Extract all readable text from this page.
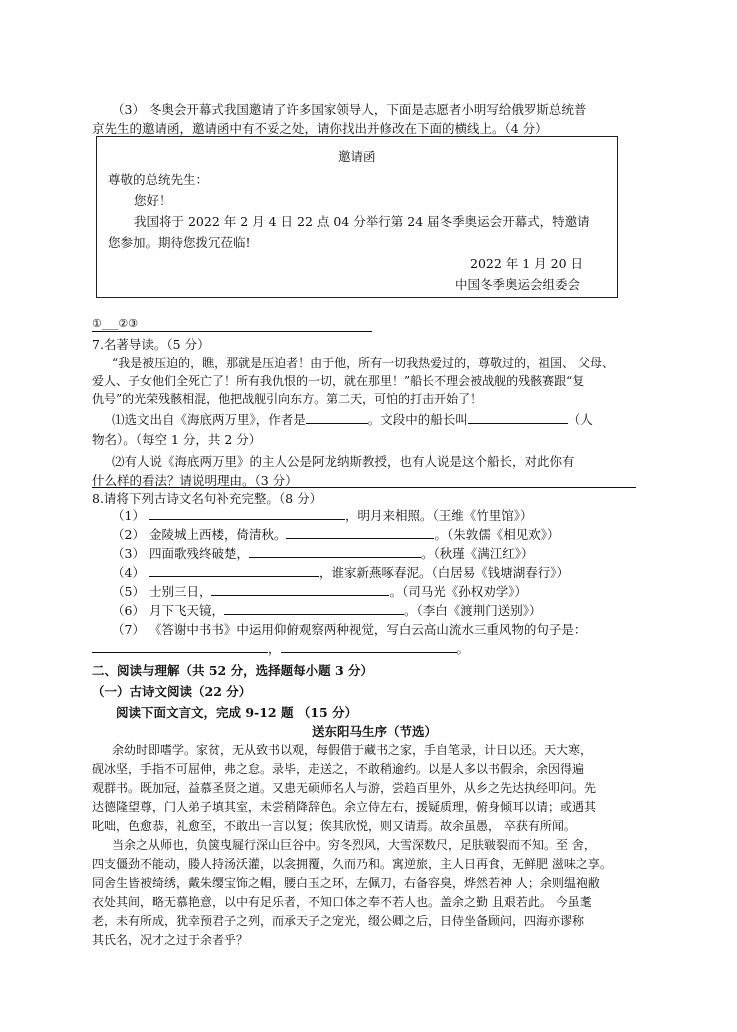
（3） 冬奥会开幕式我国邀请了许多国家领导人，下面是志愿者小明写给俄罗斯总统普
京先生的邀请函，邀请函中有不妥之处，请你找出并修改在下面的横线上。（4 分）
邀请函
尊敬的总统先生：
您好！
我国将于 2022 年 2 月 4 日 22 点 04 分举行第 24 届冬季奥运会开幕式，特邀请
您参加。期待您拨冗莅临!
2022 年 1 月 20 日
中国冬季奥运会组委会
①___②③
7.名著导读。（5 分）
“我是被压迫的，瞧，那就是压迫者！由于他，所有一切我热爱过的，尊敬过的，祖国、 父母、
爱人、子女他们全死亡了！所有我仇恨的一切，就在那里！”船长不理会被战舰的残骸赛跟“复
仇号”的光荣残骸相混，他把战舰引向东方。第二天，可怕的打击开始了！
⑴选文出自《海底两万里》，作者是	。文段中的船长叫	（人
物名）。（每空 1 分，共 2 分）
⑵有人说《海底两万里》的主人公是阿龙纳斯教授，也有人说是这个船长，对此你有
什么样的看法？请说明理由。（3 分）
8.请将下列古诗文名句补充完整。（8 分）
（1）	，明月来相照。（王维《竹里馆》）
（2） 金陵城上西楼，倚清秋。	。（朱敦儒《相见欢》）
（3） 四面歌残终破楚，	。（秋瑾《满江红》）
（4）	，谁家新燕啄春泥。（白居易《钱塘湖春行》）
（5） 士别三日，	。（司马光《孙权劝学》）
（6） 月下飞天镜，	。（李白《渡荆门送别》）
（7） 《答谢中书书》中运用仰俯观察两种视觉，写白云高山流水三重风物的句子是：
，	。
二、阅读与理解（共 52 分，选择题每小题 3 分）
（一）古诗文阅读（22 分）
阅读下面文言文，完成 9-12 题 （15 分）
送东阳马生序（节选）
余幼时即嗜学。家贫，无从致书以观，每假借于藏书之家，手自笔录，计日以还。天大寒，
砚冰坚，手指不可屈伸，弗之怠。录毕，走送之，不敢稍逾约。以是人多以书假余，余因得遍
观群书。既加冠，益慕圣贤之道。又患无硕师名人与游，尝趋百里外，从乡之先达执经叩问。先
达德隆望尊，门人弟子填其室，未尝稍降辞色。余立侍左右，援疑质理，俯身倾耳以请；或遇其
叱咄，色愈恭，礼愈至，不敢出一言以复；俟其欣悦，则又请焉。故余虽愚， 卒获有所闻。
当余之从师也，负箧曳屣行深山巨谷中。穷冬烈风，大雪深数尺，足肤皲裂而不知。至 舍，
四支僵劲不能动，媵人持汤沃灌，以衾拥覆，久而乃和。寓逆旅，主人日再食，无鲜肥 滋味之享。
同舍生皆被绮绣，戴朱缨宝饰之帽，腰白玉之环，左佩刀，右备容臭，烨然若神 人；余则缊袍敝
衣处其间，略无慕艳意，以中有足乐者，不知口体之奉不若人也。盖余之勤 且艰若此。 今虽耄
老，未有所成，犹幸预君子之列，而承天子之宠光，缀公卿之后，日侍坐备顾问，四海亦谬称
其氏名，况才之过于余者乎？
